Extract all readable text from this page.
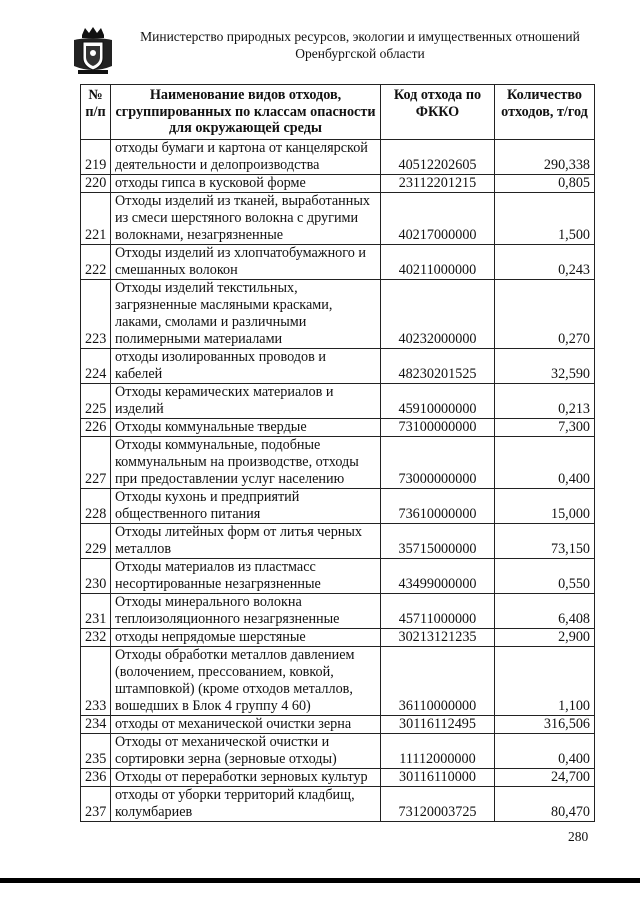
Министерство природных ресурсов, экологии и имущественных отношений
Оренбургской области
№ п/п	Наименование видов отходов, сгруппированных по классам опасности для окружающей среды	Код отхода по ФККО	Количество отходов, т/год
219	отходы бумаги и картона от канцелярской деятельности и делопроизводства	40512202605	290,338
220	отходы гипса в кусковой форме	23112201215	0,805
221	Отходы изделий из тканей, выработанных из смеси шерстяного волокна с другими волокнами, незагрязненные	40217000000	1,500
222	Отходы изделий из хлопчатобумажного и смешанных волокон	40211000000	0,243
223	Отходы изделий текстильных, загрязненные масляными красками, лаками, смолами и различными полимерными материалами	40232000000	0,270
224	отходы изолированных проводов и кабелей	48230201525	32,590
225	Отходы керамических материалов и изделий	45910000000	0,213
226	Отходы коммунальные твердые	73100000000	7,300
227	Отходы коммунальные, подобные коммунальным на производстве, отходы при предоставлении услуг населению	73000000000	0,400
228	Отходы кухонь и предприятий общественного питания	73610000000	15,000
229	Отходы литейных форм от литья черных металлов	35715000000	73,150
230	Отходы материалов из пластмасс несортированные незагрязненные	43499000000	0,550
231	Отходы минерального волокна теплоизоляционного незагрязненные	45711000000	6,408
232	отходы непрядомые шерстяные	30213121235	2,900
233	Отходы обработки металлов давлением (волочением, прессованием, ковкой, штамповкой) (кроме отходов металлов, вошедших в Блок 4 группу 4 60)	36110000000	1,100
234	отходы от механической очистки зерна	30116112495	316,506
235	Отходы от механической очистки и сортировки зерна (зерновые отходы)	11112000000	0,400
236	Отходы от переработки зерновых культур	30116110000	24,700
237	отходы от уборки территорий кладбищ, колумбариев	73120003725	80,470
280
